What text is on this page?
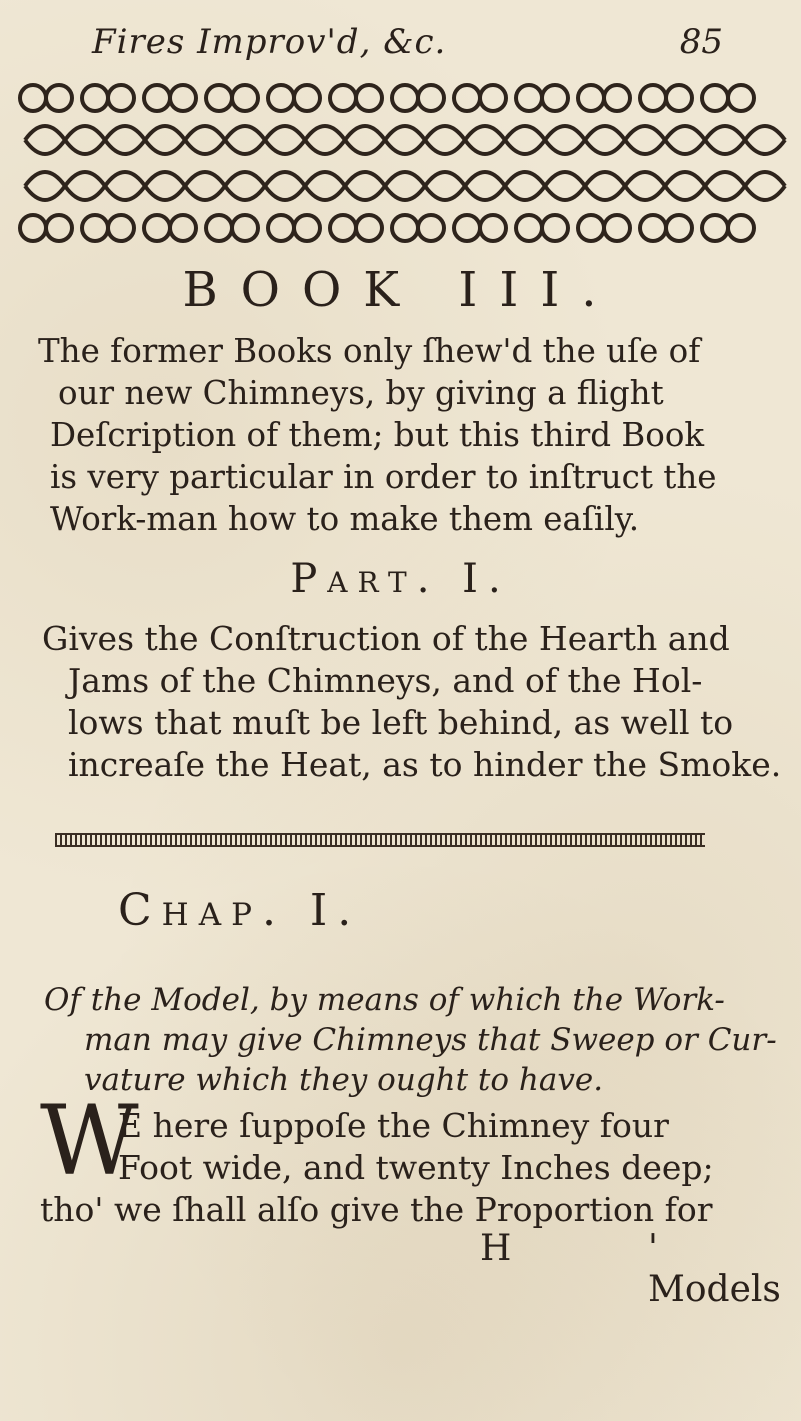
Fires Improv'd, &c.	85
BOOK III.
The former Books only ſhew'd the uſe of
our new Chimneys, by giving a flight
Deſcription of them; but this third Book
is very particular in order to inſtruct the
Work-man how to make them eaſily.
Part. I.
Gives the Conſtruction of the Hearth and
Jams of the Chimneys, and of the Hol-
lows that muſt be left behind, as well to
increaſe the Heat, as to hinder the Smoke.
Chap. I.
Of the Model, by means of which the Work-
man may give Chimneys that Sweep or Cur-
vature which they ought to have.
W
E here ſuppoſe the Chimney four
Foot wide, and twenty Inches deep;
tho' we ſhall alſo give the Proportion for
H	' Models
